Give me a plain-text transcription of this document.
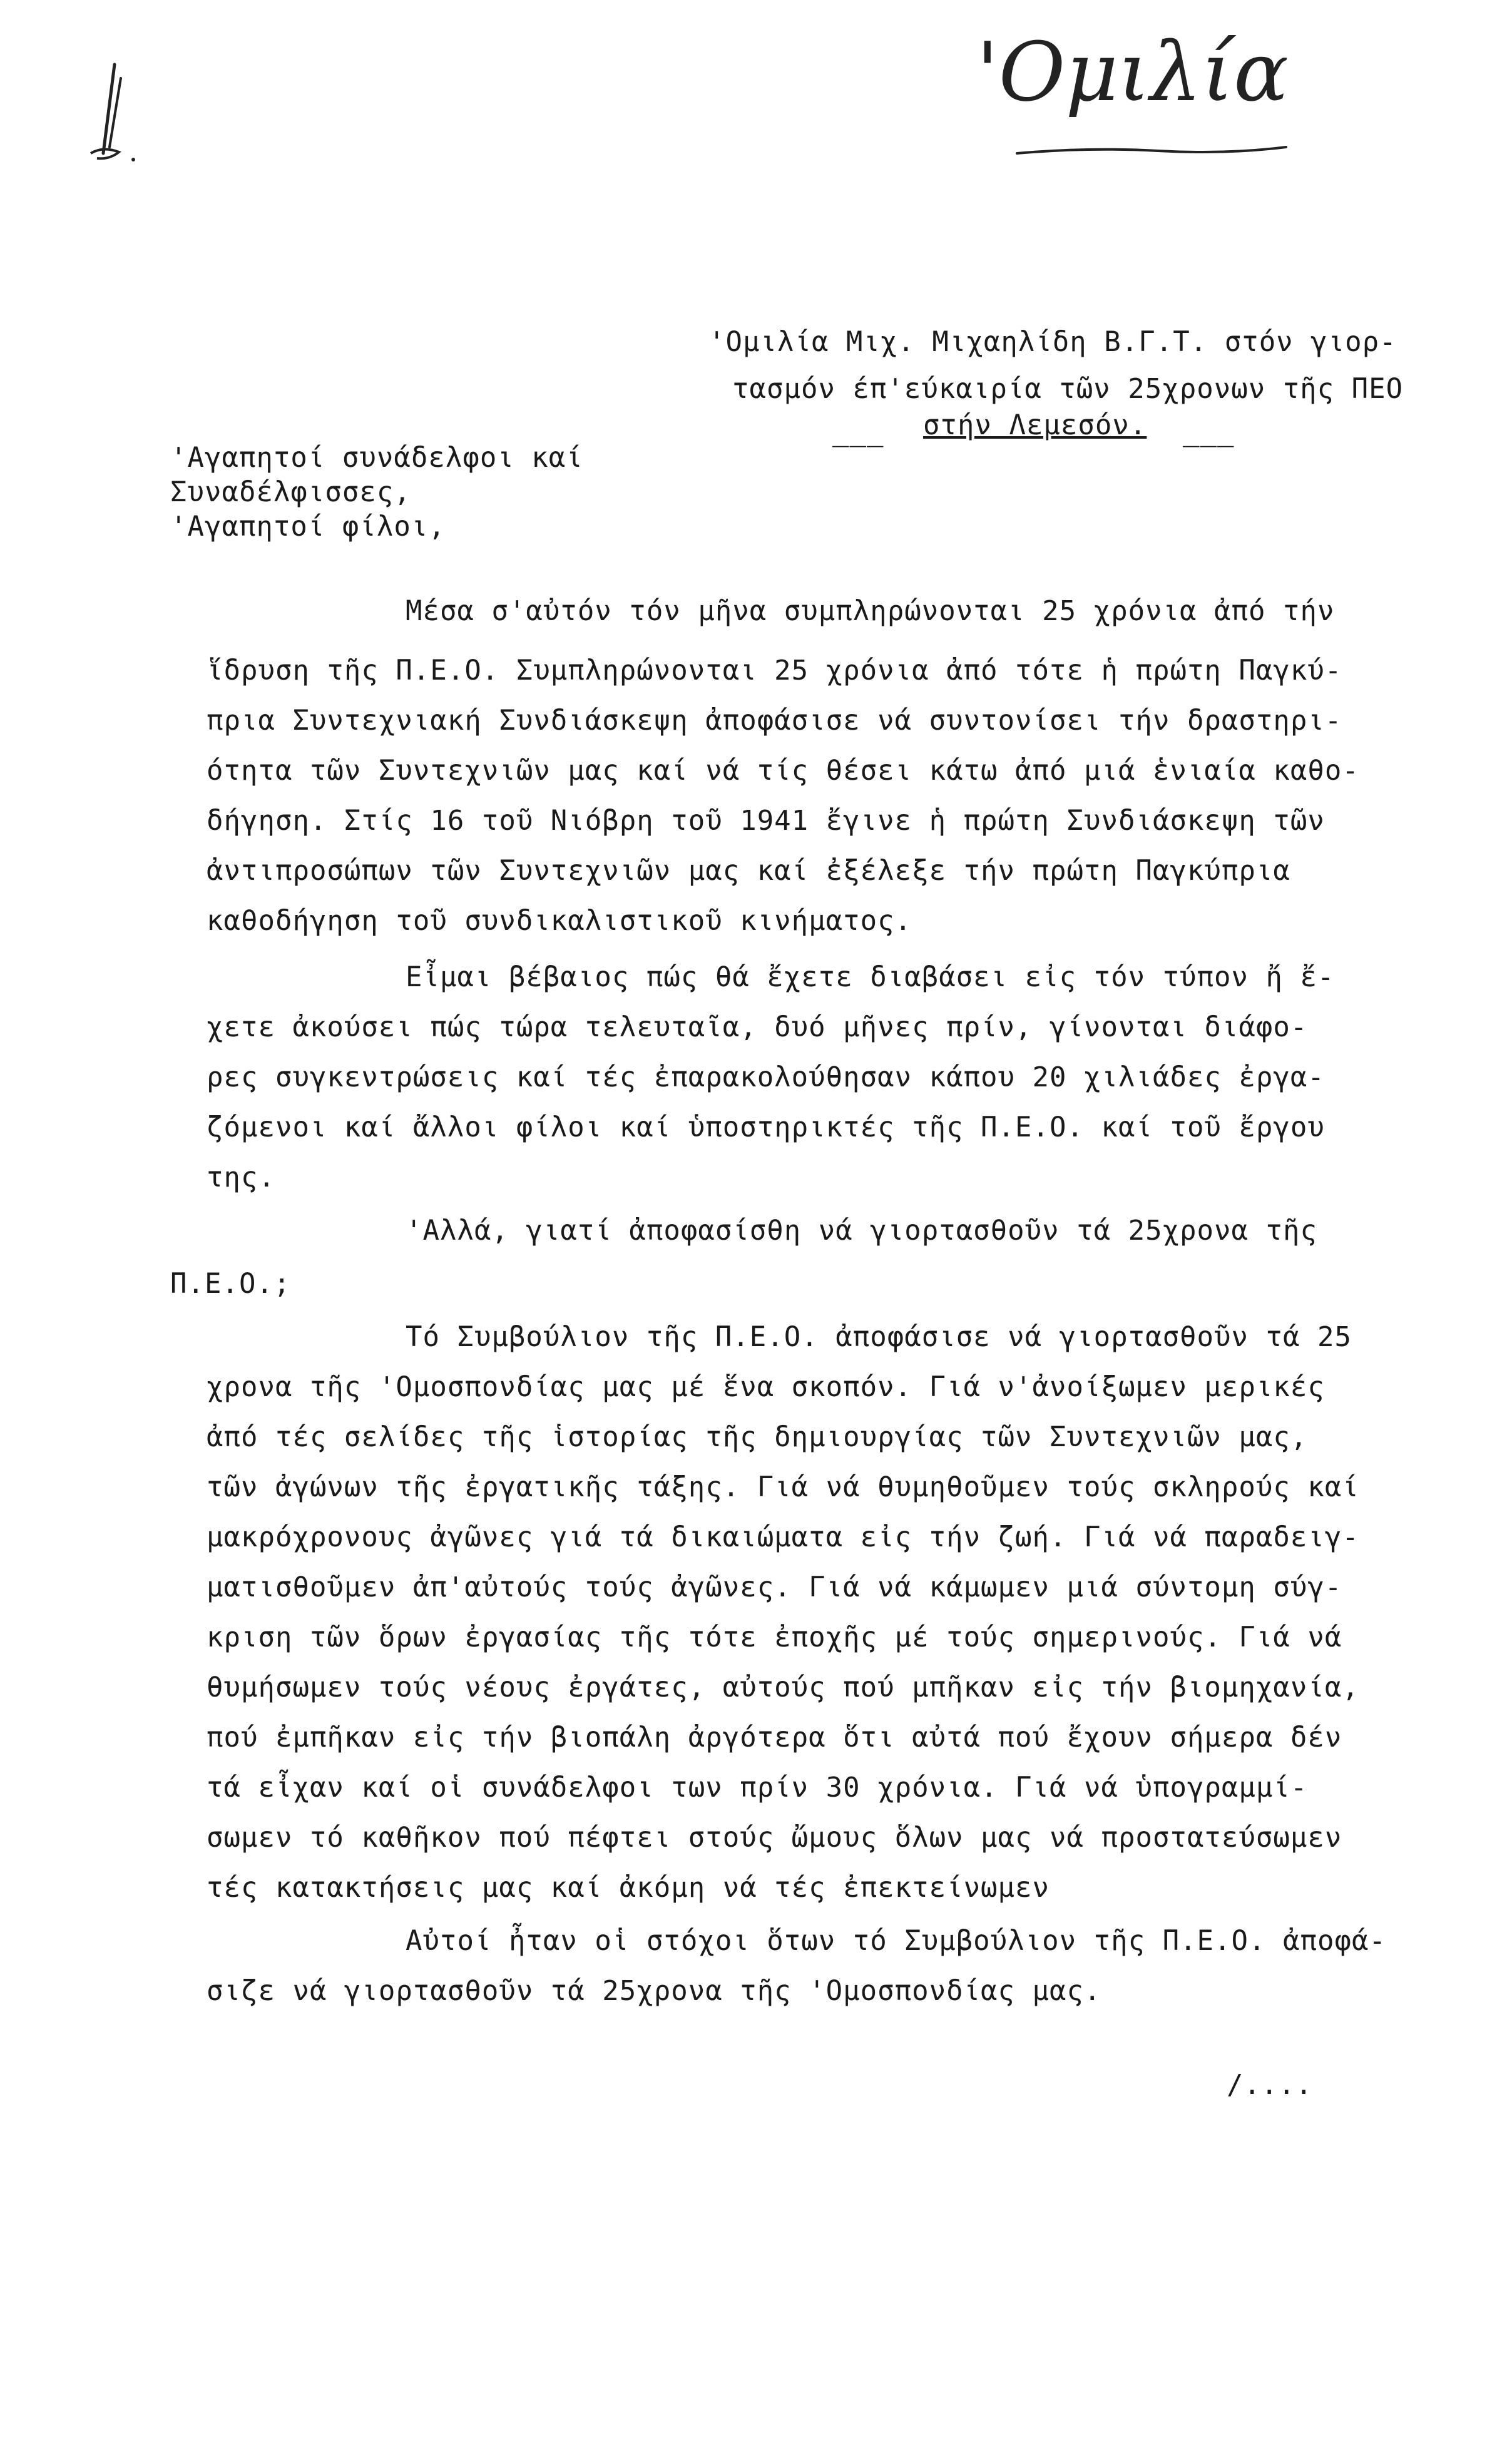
'Ομιλία
'Ομιλία Μιχ. Μιχαηλίδη Β.Γ.Τ. στόν γιορ-
τασμόν έπ'εύκαιρία τῶν 25χρονων τῆς ΠΕΟ
___ στήν Λεμεσόν. ___
'Αγαπητοί συνάδελφοι καί
Συναδέλφισσες,
'Αγαπητοί φίλοι,
Μέσα σ'αὐτόν τόν μῆνα συμπληρώνονται 25 χρόνια ἀπό τήν
ἵδρυση τῆς Π.Ε.Ο. Συμπληρώνονται 25 χρόνια ἀπό τότε ἡ πρώτη Παγκύ-
πρια Συντεχνιακή Συνδιάσκεψη ἀποφάσισε νά συντονίσει τήν δραστηρι-
ότητα τῶν Συντεχνιῶν μας καί νά τίς θέσει κάτω ἀπό μιά ἑνιαία καθο-
δήγηση. Στίς 16 τοῦ Νιόβρη τοῦ 1941 ἔγινε ἡ πρώτη Συνδιάσκεψη τῶν
ἀντιπροσώπων τῶν Συντεχνιῶν μας καί ἐξέλεξε τήν πρώτη Παγκύπρια
καθοδήγηση τοῦ συνδικαλιστικοῦ κινήματος.
Εἶμαι βέβαιος πώς θά ἔχετε διαβάσει εἰς τόν τύπον ἤ ἔ-
χετε ἀκούσει πώς τώρα τελευταῖα, δυό μῆνες πρίν, γίνονται διάφο-
ρες συγκεντρώσεις καί τές ἐπαρακολούθησαν κάπου 20 χιλιάδες ἐργα-
ζόμενοι καί ἄλλοι φίλοι καί ὑποστηρικτές τῆς Π.Ε.Ο. καί τοῦ ἔργου
της.
'Αλλά, γιατί ἀποφασίσθη νά γιορτασθοῦν τά 25χρονα τῆς
Π.Ε.Ο.;
Τό Συμβούλιον τῆς Π.Ε.Ο. ἀποφάσισε νά γιορτασθοῦν τά 25
χρονα τῆς 'Ομοσπονδίας μας μέ ἕνα σκοπόν. Γιά ν'ἀνοίξωμεν μερικές
ἀπό τές σελίδες τῆς ἱστορίας τῆς δημιουργίας τῶν Συντεχνιῶν μας,
τῶν ἀγώνων τῆς ἐργατικῆς τάξης. Γιά νά θυμηθοῦμεν τούς σκληρούς καί
μακρόχρονους ἀγῶνες γιά τά δικαιώματα εἰς τήν ζωή. Γιά νά παραδειγ-
ματισθοῦμεν ἀπ'αὐτούς τούς ἀγῶνες. Γιά νά κάμωμεν μιά σύντομη σύγ-
κριση τῶν ὅρων ἐργασίας τῆς τότε ἐποχῆς μέ τούς σημερινούς. Γιά νά
θυμήσωμεν τούς νέους ἐργάτες, αὐτούς πού μπῆκαν εἰς τήν βιομηχανία,
πού ἐμπῆκαν εἰς τήν βιοπάλη ἀργότερα ὅτι αὐτά πού ἔχουν σήμερα δέν
τά εἶχαν καί οἱ συνάδελφοι των πρίν 30 χρόνια. Γιά νά ὑπογραμμί-
σωμεν τό καθῆκον πού πέφτει στούς ὤμους ὅλων μας νά προστατεύσωμεν
τές κατακτήσεις μας καί ἀκόμη νά τές ἐπεκτείνωμεν
Αὐτοί ἦταν οἱ στόχοι ὅτων τό Συμβούλιον τῆς Π.Ε.Ο. ἀποφά-
σιζε νά γιορτασθοῦν τά 25χρονα τῆς 'Ομοσπονδίας μας.
/....
